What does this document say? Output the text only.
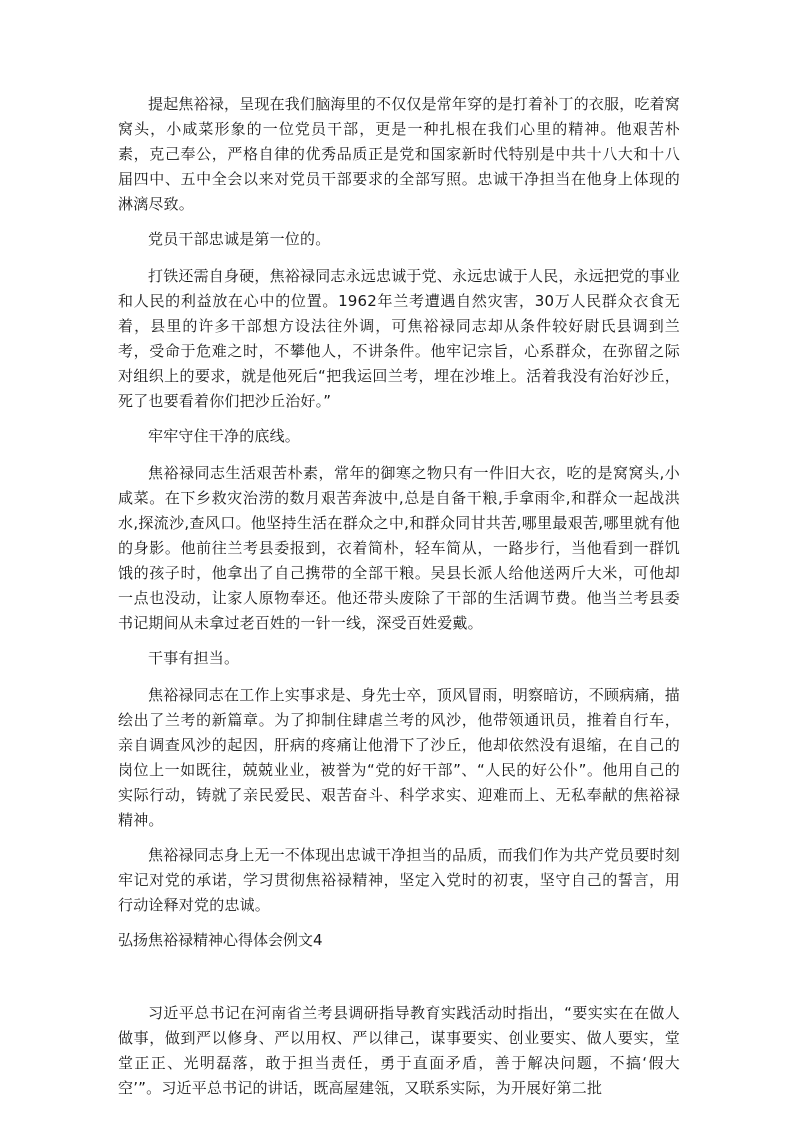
提起焦裕禄，呈现在我们脑海里的不仅仅是常年穿的是打着补丁的衣服，吃着窝窝头，小咸菜形象的一位党员干部，更是一种扎根在我们心里的精神。他艰苦朴素，克己奉公，严格自律的优秀品质正是党和国家新时代特别是中共十八大和十八届四中、五中全会以来对党员干部要求的全部写照。忠诚干净担当在他身上体现的淋漓尽致。

党员干部忠诚是第一位的。

打铁还需自身硬，焦裕禄同志永远忠诚于党、永远忠诚于人民，永远把党的事业和人民的利益放在心中的位置。1962年兰考遭遇自然灾害，30万人民群众衣食无着，县里的许多干部想方设法往外调，可焦裕禄同志却从条件较好尉氏县调到兰考，受命于危难之时，不攀他人，不讲条件。他牢记宗旨，心系群众，在弥留之际对组织上的要求，就是他死后“把我运回兰考，埋在沙堆上。活着我没有治好沙丘，死了也要看着你们把沙丘治好。”

牢牢守住干净的底线。

焦裕禄同志生活艰苦朴素，常年的御寒之物只有一件旧大衣，吃的是窝窝头,小咸菜。在下乡救灾治涝的数月艰苦奔波中,总是自备干粮,手拿雨伞,和群众一起战洪水,探流沙,查风口。他坚持生活在群众之中,和群众同甘共苦,哪里最艰苦,哪里就有他的身影。他前往兰考县委报到，衣着简朴，轻车简从，一路步行，当他看到一群饥饿的孩子时，他拿出了自己携带的全部干粮。吴县长派人给他送两斤大米，可他却一点也没动，让家人原物奉还。他还带头废除了干部的生活调节费。他当兰考县委书记期间从未拿过老百姓的一针一线，深受百姓爱戴。

干事有担当。

焦裕禄同志在工作上实事求是、身先士卒，顶风冒雨，明察暗访，不顾病痛，描绘出了兰考的新篇章。为了抑制住肆虐兰考的风沙，他带领通讯员，推着自行车，亲自调查风沙的起因，肝病的疼痛让他滑下了沙丘，他却依然没有退缩，在自己的岗位上一如既往，兢兢业业，被誉为“党的好干部”、“人民的好公仆”。他用自己的实际行动，铸就了亲民爱民、艰苦奋斗、科学求实、迎难而上、无私奉献的焦裕禄精神。

焦裕禄同志身上无一不体现出忠诚干净担当的品质，而我们作为共产党员要时刻牢记对党的承诺，学习贯彻焦裕禄精神，坚定入党时的初衷，坚守自己的誓言，用行动诠释对党的忠诚。

弘扬焦裕禄精神心得体会例文4

习近平总书记在河南省兰考县调研指导教育实践活动时指出，“要实实在在做人做事，做到严以修身、严以用权、严以律己，谋事要实、创业要实、做人要实，堂堂正正、光明磊落，敢于担当责任，勇于直面矛盾，善于解决问题，不搞‘假大空’”。习近平总书记的讲话，既高屋建瓴，又联系实际，为开展好第二批
